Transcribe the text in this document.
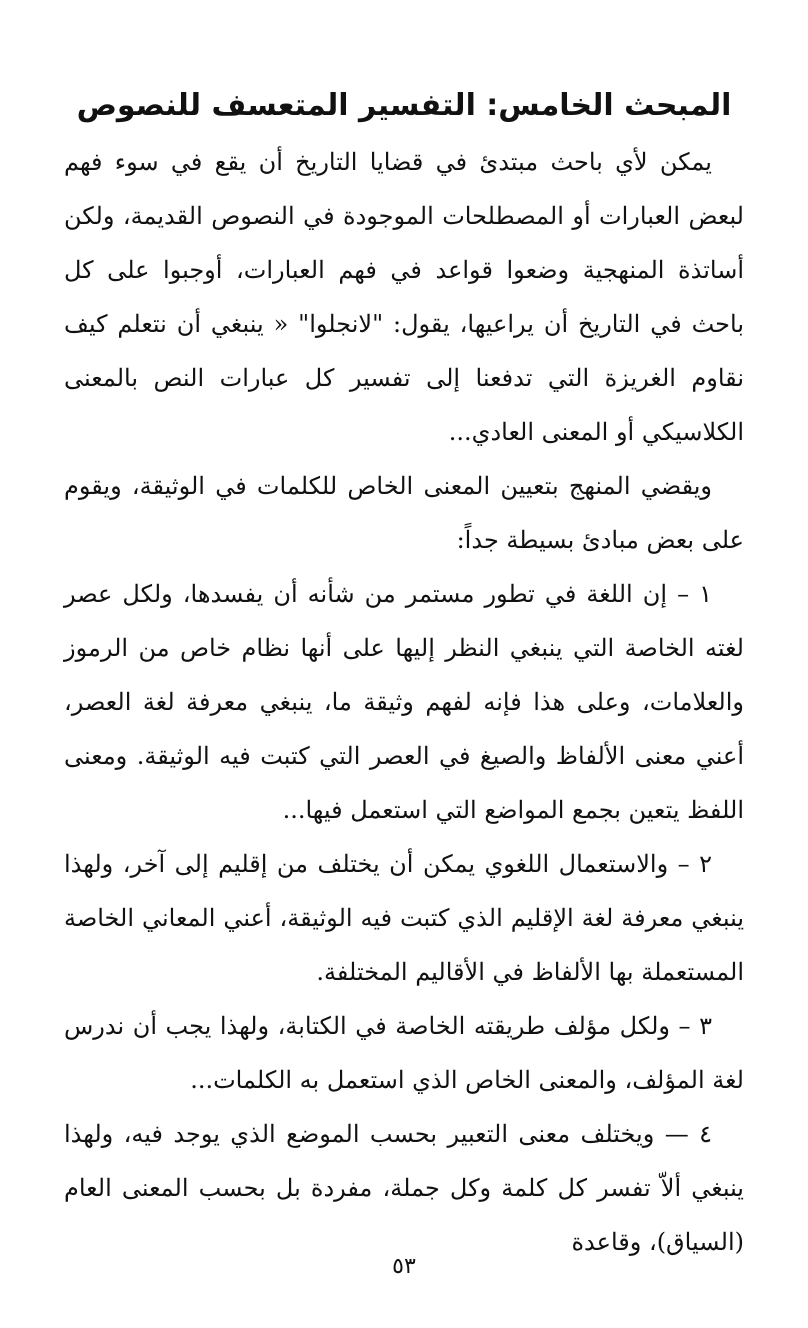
المبحث الخامس: التفسير المتعسف للنصوص

يمكن لأي باحث مبتدئ في قضايا التاريخ أن يقع في سوء فهم لبعض العبارات أو المصطلحات الموجودة في النصوص القديمة، ولكن أساتذة المنهجية وضعوا قواعد في فهم العبارات، أوجبوا على كل باحث في التاريخ أن يراعيها، يقول: "لانجلوا" « ينبغي أن نتعلم كيف نقاوم الغريزة التي تدفعنا إلى تفسير كل عبارات النص بالمعنى الكلاسيكي أو المعنى العادي...

ويقضي المنهج بتعيين المعنى الخاص للكلمات في الوثيقة، ويقوم على بعض مبادئ بسيطة جداً:

١ – إن اللغة في تطور مستمر من شأنه أن يفسدها، ولكل عصر لغته الخاصة التي ينبغي النظر إليها على أنها نظام خاص من الرموز والعلامات، وعلى هذا فإنه لفهم وثيقة ما، ينبغي معرفة لغة العصر، أعني معنى الألفاظ والصيغ في العصر التي كتبت فيه الوثيقة. ومعنى اللفظ يتعين بجمع المواضع التي استعمل فيها...

٢ – والاستعمال اللغوي يمكن أن يختلف من إقليم إلى آخر، ولهذا ينبغي معرفة لغة الإقليم الذي كتبت فيه الوثيقة، أعني المعاني الخاصة المستعملة بها الألفاظ في الأقاليم المختلفة.

٣ – ولكل مؤلف طريقته الخاصة في الكتابة، ولهذا يجب أن ندرس لغة المؤلف، والمعنى الخاص الذي استعمل به الكلمات...

٤ — ويختلف معنى التعبير بحسب الموضع الذي يوجد فيه، ولهذا ينبغي ألاّ تفسر كل كلمة وكل جملة، مفردة بل بحسب المعنى العام (السياق)، وقاعدة

٥٣
